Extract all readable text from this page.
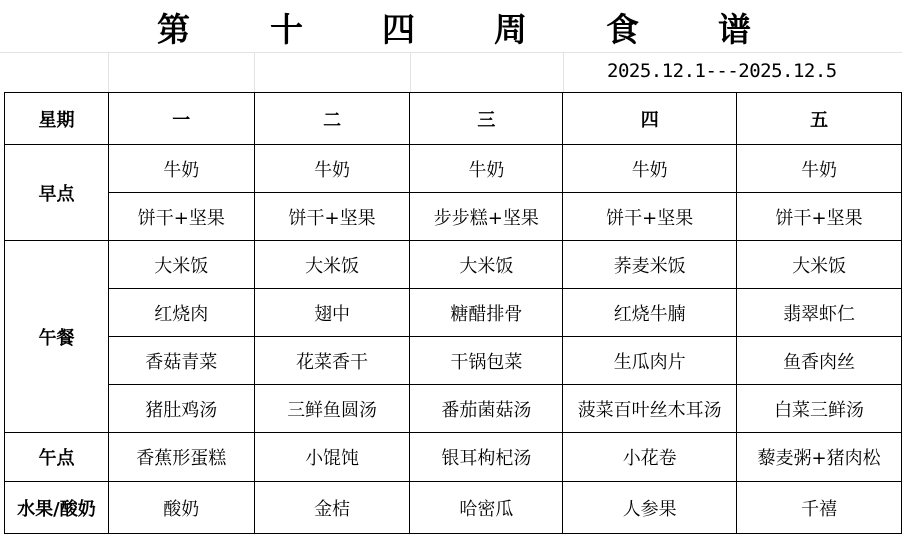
第 十 四 周 食 谱
2025.12.1---2025.12.5
星期	一	二	三	四	五
早点	牛奶	牛奶	牛奶	牛奶	牛奶
	饼干+坚果	饼干+坚果	步步糕+坚果	饼干+坚果	饼干+坚果
午餐	大米饭	大米饭	大米饭	荞麦米饭	大米饭
	红烧肉	翅中	糖醋排骨	红烧牛腩	翡翠虾仁
	香菇青菜	花菜香干	干锅包菜	生瓜肉片	鱼香肉丝
	猪肚鸡汤	三鲜鱼圆汤	番茄菌菇汤	菠菜百叶丝木耳汤	白菜三鲜汤
午点	香蕉形蛋糕	小馄饨	银耳枸杞汤	小花卷	藜麦粥+猪肉松
水果/酸奶	酸奶	金桔	哈密瓜	人参果	千禧
